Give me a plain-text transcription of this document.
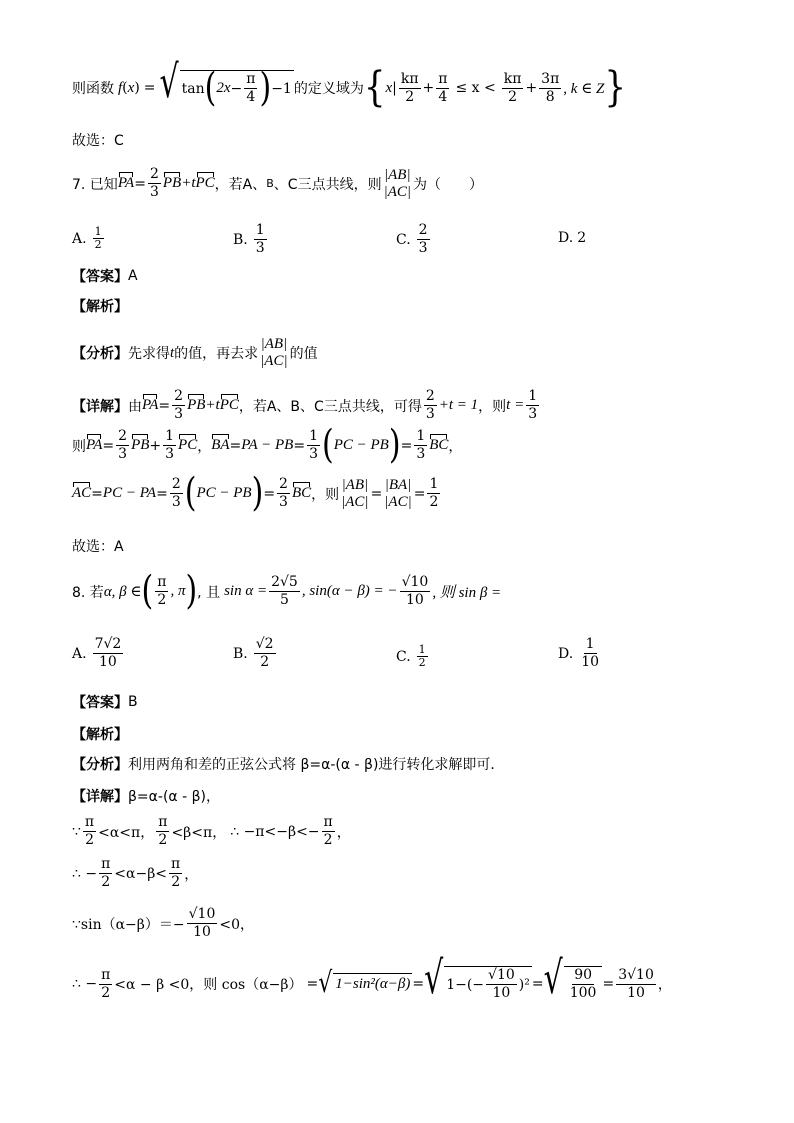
则函数 f ( x ) = √ tan ( $2x - \frac{\pi}{4}$ ) −1 的定义域为 { x | $\frac{k\pi}{2} + \frac{\pi}{4} \le x < \frac{k\pi}{2} + \frac{3\pi}{8}$ , k ∈ Z }
故选：C
7. 已知 PA = $\frac{2}{3}$ PB +t PC ，若A、 B 、C三点共线，则
|AB|
|AC| 为（　　）
A. $\frac{1}{2}$	B. $\frac{1}{3}$	C. $\frac{2}{3}$	D. 2
【答案】 A
【解析】
【分析】 先求得 t 的值，再去求
|AB|
|AC| 的值
【详解】 由 PA = $\frac{2}{3}$ PB +t PC ，若A、B、C三点共线，可得 $\frac{2}{3} +t = 1$ ，则 $t = \frac{1}{3}$
则 PA = $\frac{2}{3}$ PB + $\frac{1}{3}$ PC ， BA = PA − PB = $\frac{1}{3}$ ( PC − PB ) = $\frac{1}{3}$ BC ，
AC = PC − PA = $\frac{2}{3}$ ( PC − PB ) = $\frac{2}{3}$ BC ，则
|AB|
|AC| =
|BA|
$|AC| = \frac{1}{2}$
故选：A
8. 若 α, β ∈ ( $\frac{\pi}{2}$ , π ) , 且 $\sin \alpha = \frac{2√5}{5}$ , sin(α − β) = − $\frac{√10}{10}$ , 则 sin β =
A. $\frac{7√2}{10}$	B. $\frac{√2}{2}$	C. $\frac{1}{2}$	D. $\frac{1}{10}$
【答案】 B
【解析】
【分析】 利用两角和差的正弦公式将 β=α-(α - β)进行转化求解即可．
【详解】 β=α-(α - β)，
∵ $\frac{\pi}{2} <\alpha<\pi$， $\frac{\pi}{2} <\beta<\pi$， ∴ $-\pi<-\beta<- \frac{\pi}{2}$ ，
∴ − $\frac{\pi}{2} <\alpha-\beta< \frac{\pi}{2}$ ，
∵sin（α−β）＝− $\frac{√10}{10} <0$，
∴ − $\frac{\pi}{2} <\alpha - \beta <0$，则 cos（α−β） = √ 1−sin²(α−β) = √ $1-(- \frac{√10}{10} )^2$ = √ $\frac{90}{100} = \frac{3√10}{10}$ ，
